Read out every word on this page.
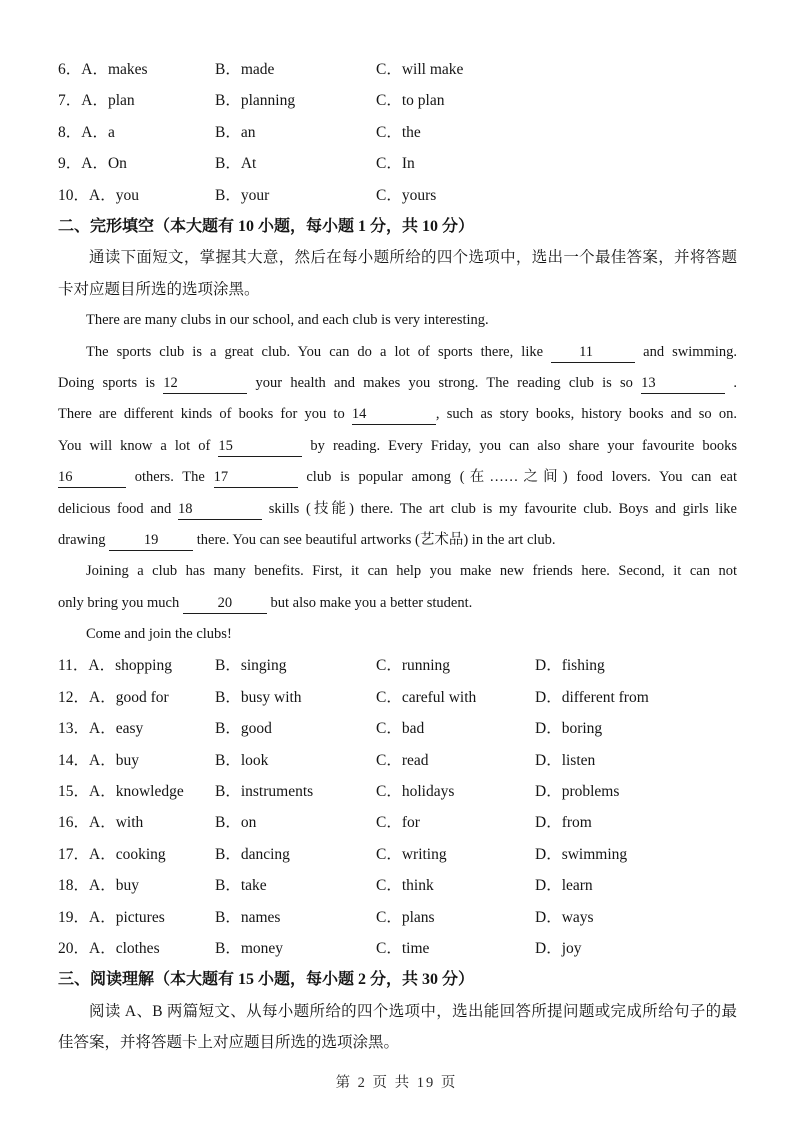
6．A．makes	B．made	C．will make
7．A．plan	B．planning	C．to plan
8．A．a	B．an	C．the
9．A．On	B．At	C．In
10．A．you	B．your	C．yours
二、完形填空（本大题有 10 小题，每小题 1 分，共 10 分）

通读下面短文，掌握其大意，然后在每小题所给的四个选项中，选出一个最佳答案，并将答题卡对应题目所选的选项涂黑。

There are many clubs in our school, and each club is very interesting.
The sports club is a great club. You can do a lot of sports there, like 11	and swimming.
Doing sports is 12	your health and makes you strong. The reading club is so 13	.
There are different kinds of books for you to 14	, such as story books, history books and so on.
You will know a lot of 15	by reading. Every Friday, you can also share your favourite books
16	others. The 17	club is popular among (在……之间) food lovers. You can eat
delicious food and 18	skills (技能) there. The art club is my favourite club. Boys and girls like
drawing 19 there. You can see beautiful artworks (艺术品) in the art club.
Joining a club has many benefits. First, it can help you make new friends here. Second, it can not
only bring you much 20 but also make you a better student.
Come and join the clubs!
11．A．shopping	B．singing	C．running	D．fishing
12．A．good for	B．busy with	C．careful with	D．different from
13．A．easy	B．good	C．bad	D．boring
14．A．buy	B．look	C．read	D．listen
15．A．knowledge	B．instruments	C．holidays	D．problems
16．A．with	B．on	C．for	D．from
17．A．cooking	B．dancing	C．writing	D．swimming
18．A．buy	B．take	C．think	D．learn
19．A．pictures	B．names	C．plans	D．ways
20．A．clothes	B．money	C．time	D．joy
三、阅读理解（本大题有 15 小题，每小题 2 分，共 30 分）

阅读 A、B 两篇短文、从每小题所给的四个选项中，选出能回答所提问题或完成所给句子的最佳答案，并将答题卡上对应题目所选的选项涂黑。

第 2 页 共 19 页
